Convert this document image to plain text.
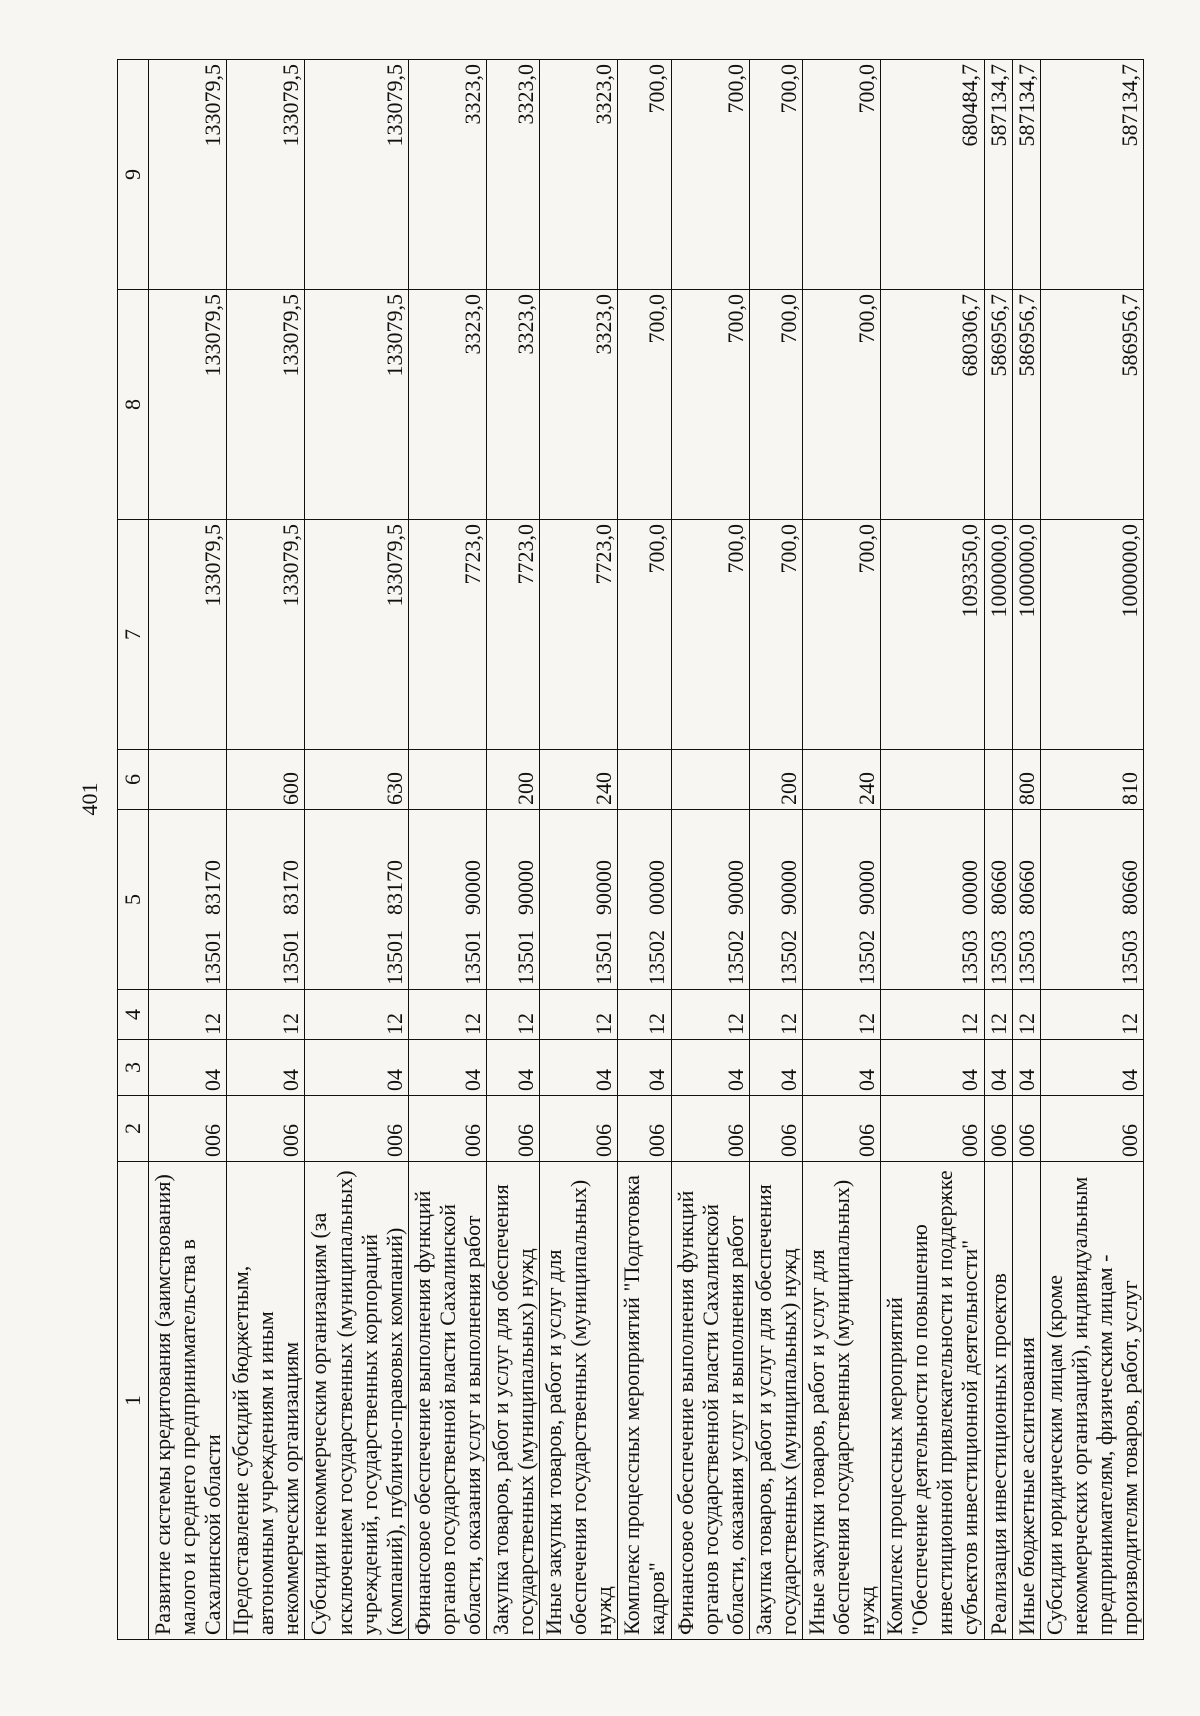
401
1	2	3	4	5	6	7	8	9
Развитие системы кредитования (заимствования) малого и среднего предпринимательства в Сахалинской области	006	04	12	1350183170		133079,5	133079,5	133079,5
Предоставление субсидий бюджетным, автономным учреждениям и иным некоммерческим организациям	006	04	12	1350183170	600	133079,5	133079,5	133079,5
Субсидии некоммерческим организациям (за исключением государственных (муниципальных) учреждений, государственных корпораций (компаний), публично-правовых компаний)	006	04	12	1350183170	630	133079,5	133079,5	133079,5
Финансовое обеспечение выполнения функций органов государственной власти Сахалинской области, оказания услуг и выполнения работ	006	04	12	1350190000		7723,0	3323,0	3323,0
Закупка товаров, работ и услуг для обеспечения государственных (муниципальных) нужд	006	04	12	1350190000	200	7723,0	3323,0	3323,0
Иные закупки товаров, работ и услуг для обеспечения государственных (муниципальных) нужд	006	04	12	1350190000	240	7723,0	3323,0	3323,0
Комплекс процессных мероприятий "Подготовка кадров"	006	04	12	1350200000		700,0	700,0	700,0
Финансовое обеспечение выполнения функций органов государственной власти Сахалинской области, оказания услуг и выполнения работ	006	04	12	1350290000		700,0	700,0	700,0
Закупка товаров, работ и услуг для обеспечения государственных (муниципальных) нужд	006	04	12	1350290000	200	700,0	700,0	700,0
Иные закупки товаров, работ и услуг для обеспечения государственных (муниципальных) нужд	006	04	12	1350290000	240	700,0	700,0	700,0
Комплекс процессных мероприятий "Обеспечение деятельности по повышению инвестиционной привлекательности и поддержке субъектов инвестиционной деятельности"	006	04	12	1350300000		1093350,0	680306,7	680484,7
Реализация инвестиционных проектов	006	04	12	1350380660		1000000,0	586956,7	587134,7
Иные бюджетные ассигнования	006	04	12	1350380660	800	1000000,0	586956,7	587134,7
Субсидии юридическим лицам (кроме некоммерческих организаций), индивидуальным предпринимателям, физическим лицам - производителям товаров, работ, услуг	006	04	12	1350380660	810	1000000,0	586956,7	587134,7
